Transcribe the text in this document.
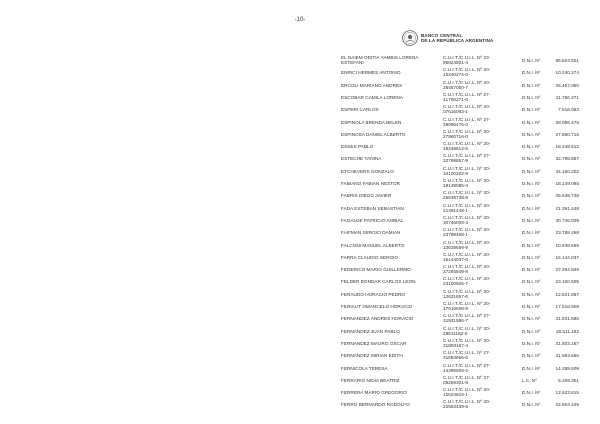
-10-
BANCO CENTRAL
DE LA REPÚBLICA ARGENTINA
EL NAIEM ODITIA YAMBIS LORENA ESTEFANI
C.U.I.T./C.U.I.L. Nº 23-95824501-4	D.N.I. Nº	95.824.501
ENRICI HERMES ANTONIO
C.U.I.T./C.U.I.L. Nº 20-10240274-0	D.N.I. Nº	10.240.274
ERCOLI MARIANO ANDRES
C.U.I.T./C.U.I.L. Nº 20-26457050-7	D.N.I. Nº	26.457.050
ESCOBAR CAMILA LORENA
C.U.I.T./C.U.I.L. Nº 27-41766271-0	D.N.I. Nº	41.766.271
ESPERI CARLOS
C.U.I.T./C.U.I.L. Nº 20-07616083-1	D.N.I. Nº	7.616.083
ESPINOLA BRENDA BELEN
C.U.I.T./C.U.I.L. Nº 27-39096476-0	D.N.I. Nº	39.096.476
ESPINOSA DANIEL ALBERTO
C.U.I.T./C.U.I.L. Nº 20-27860716-0	D.N.I. Nº	27.860.716
ESSES PABLO
C.U.I.T./C.U.I.L. Nº 20-18248612-5	D.N.I. Nº	18.248.612
ESTECHE YANINA
C.U.I.T./C.U.I.L. Nº 27-32798857-9	D.N.I. Nº	32.798.857
ETCHEVERS GONZALO
C.U.I.T./C.U.I.L. Nº 20-34100202-9	D.N.I. Nº	34.100.202
FABIANO FABIAN NESTOR
C.U.I.T./C.U.I.L. Nº 20-18149085-3	D.N.I. Nº	18.149.085
FABRIS DIEGO JAVIER
C.U.I.T./C.U.I.L. Nº 20-25638738-8	D.N.I. Nº	25.638.738
FADA ESTEBAN SEBASTIAN
C.U.I.T./C.U.I.L. Nº 20-21391448-1	D.N.I. Nº	21.391.448
FAGALDE PATRICIO ANIBAL
C.U.I.T./C.U.I.L. Nº 20-30746009-3	D.N.I. Nº	30.746.009
FAIFMAN SERGIO DAMIAN
C.U.I.T./C.U.I.L. Nº 20-23788468-1	D.N.I. Nº	23.788.468
FALCONI MANUEL ALBERTO
C.U.I.T./C.U.I.L. Nº 20-10638659-9	D.N.I. Nº	10.638.659
FARRA CLAUDIO SERGIO
C.U.I.T./C.U.I.L. Nº 20-16144037-0	D.N.I. Nº	16.144.037
FEDERICO MARIO GUILLERMO
C.U.I.T./C.U.I.L. Nº 20-27294849-8	D.N.I. Nº	27.294.849
FELDER BONDAR CARLOS LEON
C.U.I.T./C.U.I.L. Nº 20-23100505-7	D.N.I. Nº	23.100.505
FERAUDO HORACIO PEDRO
C.U.I.T./C.U.I.L. Nº 20-12621857-6	D.N.I. Nº	12.621.857
FERIAUT OMARCELO HORACIO
C.U.I.T./C.U.I.L. Nº 20-17616608-9	D.N.I. Nº	17.616.608
FERNANDEZ ANDRES HORACIO
C.U.I.T./C.U.I.L. Nº 27-31931586-7	D.N.I. Nº	31.931.586
FERNANDEZ JUAN PABLO
C.U.I.T./C.U.I.L. Nº 20-28511182-0	D.N.I. Nº	28.511.182
FERNANDEZ MAURO OSCAR
C.U.I.T./C.U.I.L. Nº 20-31803167-4	D.N.I. Nº	31.803.167
FERNANDEZ MIRIAN EDITH
C.U.I.T./C.U.I.L. Nº 27-31683666-6	D.N.I. Nº	31.683.666
FERNICOLA TERESA
C.U.I.T./C.U.I.L. Nº 27-14289609-2	D.N.I. Nº	14.289.609
FERRARIO NIDIA BEATRIZ
C.U.I.T./C.U.I.L. Nº 27-05269301-8	L.C. Nº	5.269.301
FERRERA MARIO GREGORIO
C.U.I.T./C.U.I.L. Nº 20-12623815-1	D.N.I. Nº	12.623.815
FERRO BERNARDO RODOLFO
C.U.I.T./C.U.I.L. Nº 20-22563439-5	D.N.I. Nº	22.563.439
